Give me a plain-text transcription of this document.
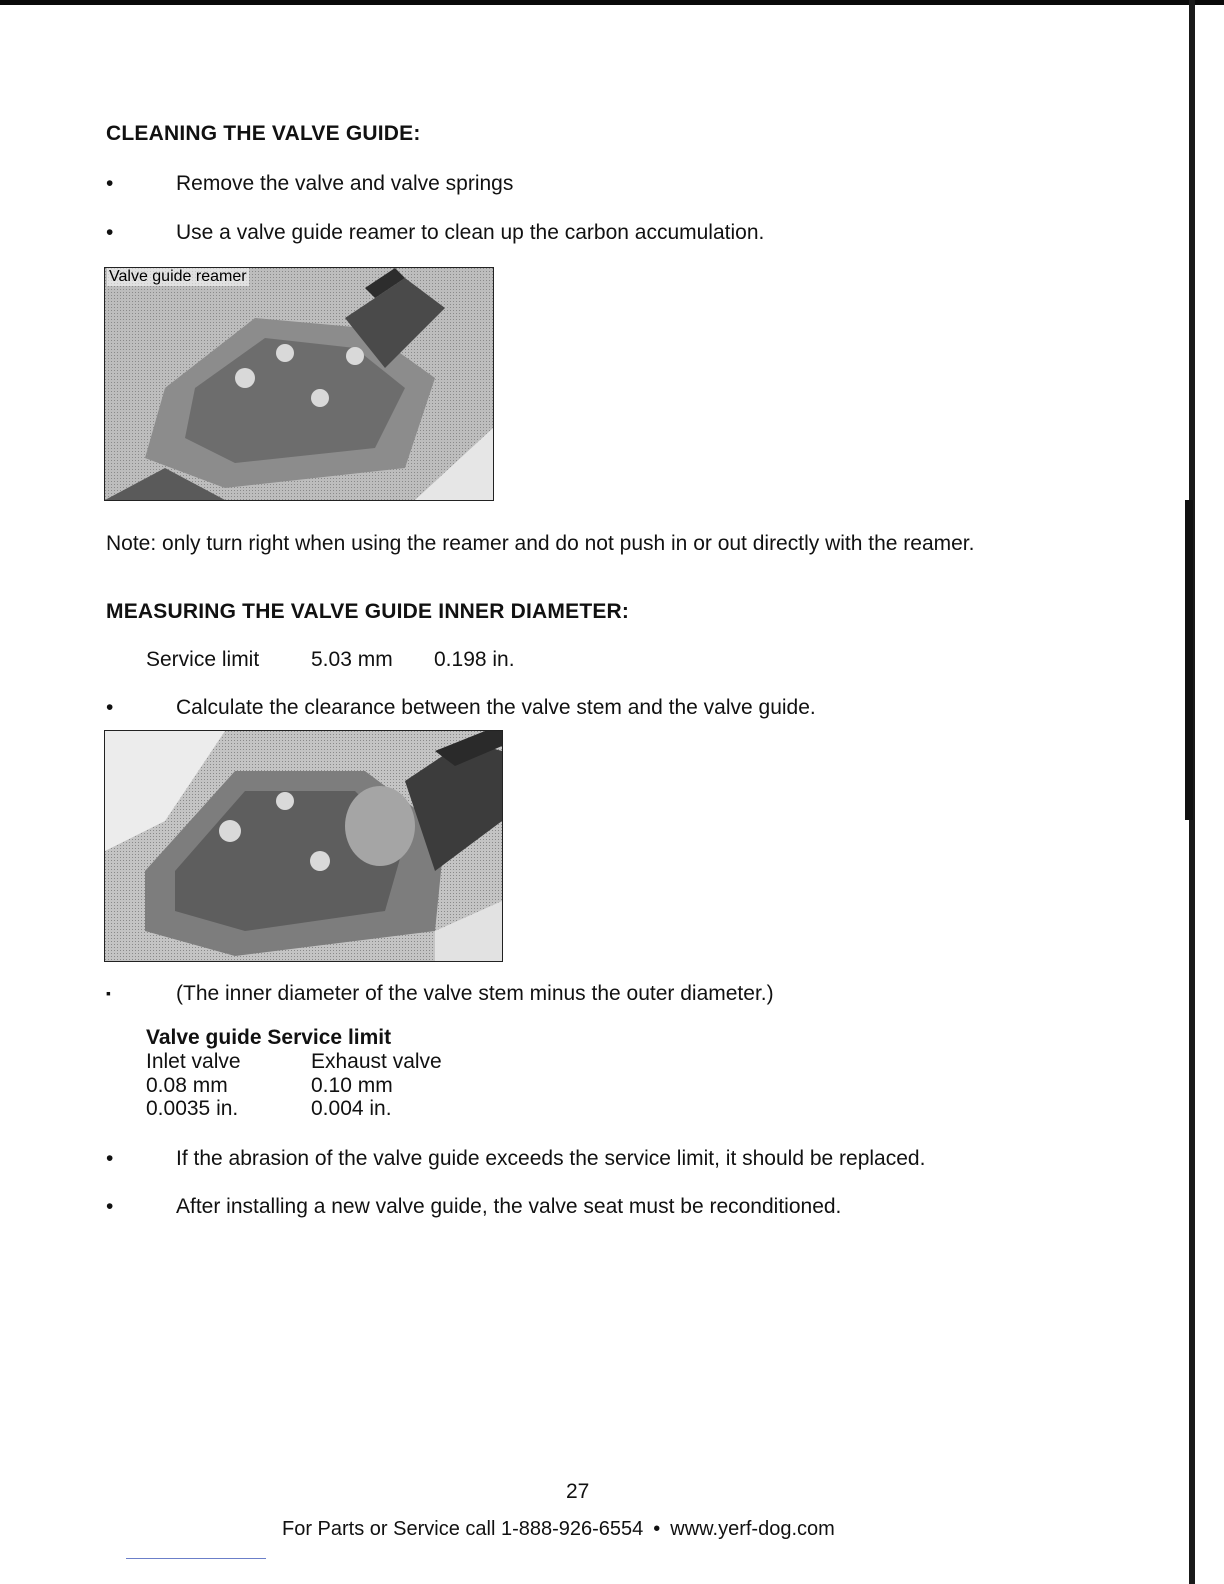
CLEANING THE VALVE GUIDE:
•	Remove the valve and valve springs
•	Use a valve guide reamer to clean up the carbon accumulation.
Valve guide reamer
Note: only turn right when using the reamer and do not push in or out directly with the reamer.
MEASURING THE VALVE GUIDE INNER DIAMETER:
Service limit 5.03 mm 0.198 in.
•	Calculate the clearance between the valve stem and the valve guide.
▪	(The inner diameter of the valve stem minus the outer diameter.)
Valve guide Service limit
Inlet valve	Exhaust valve
0.08 mm	0.10 mm
0.0035 in.	0.004 in.
•	If the abrasion of the valve guide exceeds the service limit, it should be replaced.
•	After installing a new valve guide, the valve seat must be reconditioned.
27
For Parts or Service call 1-888-926-6554 • www.yerf-dog.com
